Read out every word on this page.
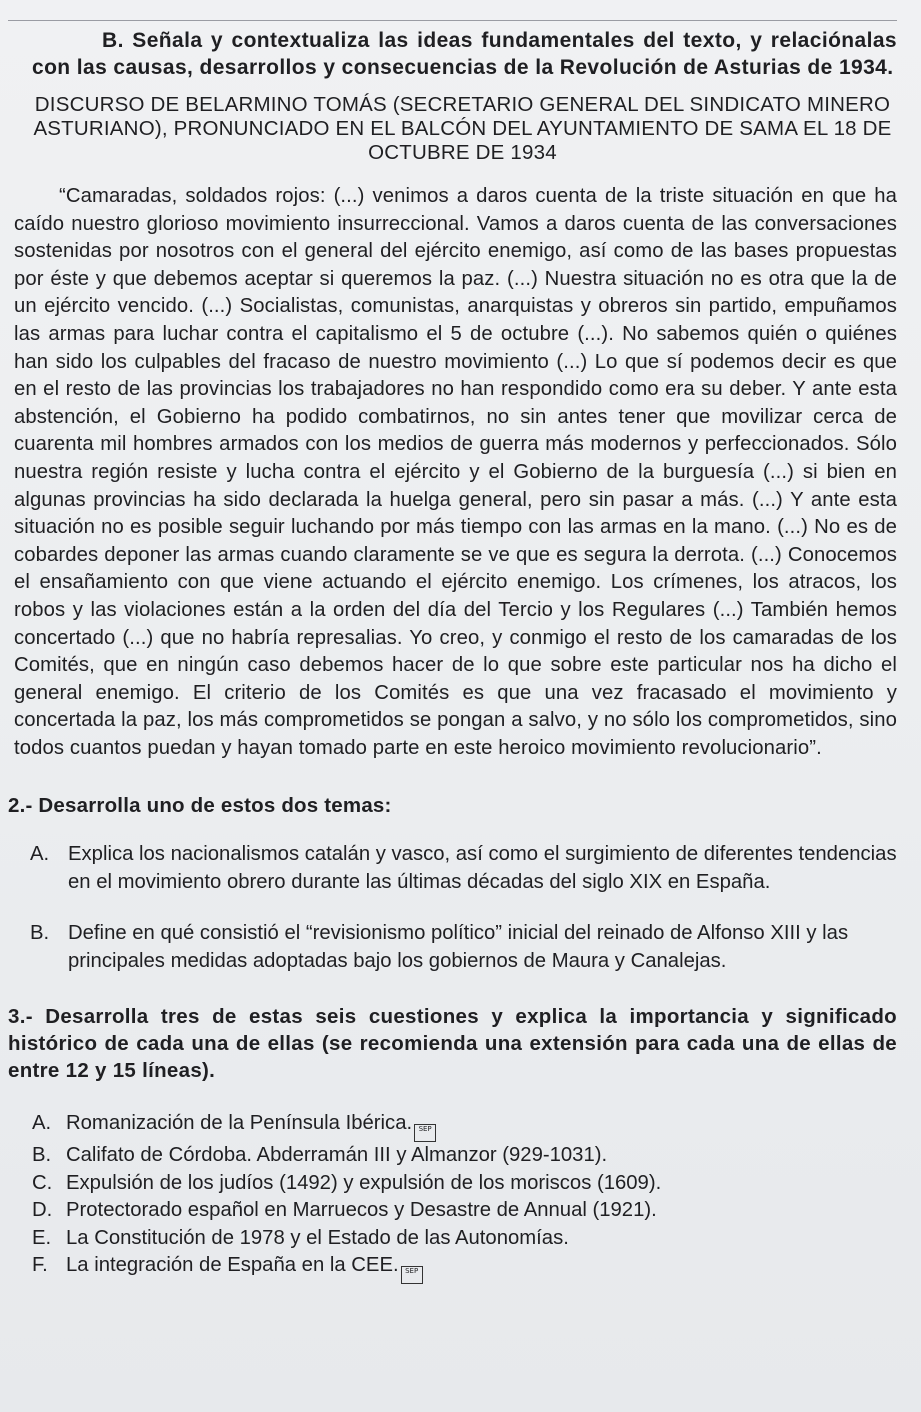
B. Señala y contextualiza las ideas fundamentales del texto, y relaciónalas con las causas, desarrollos y consecuencias de la Revolución de Asturias de 1934.

DISCURSO DE BELARMINO TOMÁS (SECRETARIO GENERAL DEL SINDICATO MINERO ASTURIANO), PRONUNCIADO EN EL BALCÓN DEL AYUNTAMIENTO DE SAMA EL 18 DE OCTUBRE DE 1934

“Camaradas, soldados rojos: (...) venimos a daros cuenta de la triste situación en que ha caído nuestro glorioso movimiento insurreccional. Vamos a daros cuenta de las conversaciones sostenidas por nosotros con el general del ejército enemigo, así como de las bases propuestas por éste y que debemos aceptar si queremos la paz. (...) Nuestra situación no es otra que la de un ejército vencido. (...) Socialistas, comunistas, anarquistas y obreros sin partido, empuñamos las armas para luchar contra el capitalismo el 5 de octubre (...). No sabemos quién o quiénes han sido los culpables del fracaso de nuestro movimiento (...) Lo que sí podemos decir es que en el resto de las provincias los trabajadores no han respondido como era su deber. Y ante esta abstención, el Gobierno ha podido combatirnos, no sin antes tener que movilizar cerca de cuarenta mil hombres armados con los medios de guerra más modernos y perfeccionados. Sólo nuestra región resiste y lucha contra el ejército y el Gobierno de la burguesía (...) si bien en algunas provincias ha sido declarada la huelga general, pero sin pasar a más. (...) Y ante esta situación no es posible seguir luchando por más tiempo con las armas en la mano. (...) No es de cobardes deponer las armas cuando claramente se ve que es segura la derrota. (...) Conocemos el ensañamiento con que viene actuando el ejército enemigo. Los crímenes, los atracos, los robos y las violaciones están a la orden del día del Tercio y los Regulares (...) También hemos concertado (...) que no habría represalias. Yo creo, y conmigo el resto de los camaradas de los Comités, que en ningún caso debemos hacer de lo que sobre este particular nos ha dicho el general enemigo. El criterio de los Comités es que una vez fracasado el movimiento y concertada la paz, los más comprometidos se pongan a salvo, y no sólo los comprometidos, sino todos cuantos puedan y hayan tomado parte en este heroico movimiento revolucionario”.

2.- Desarrolla uno de estos dos temas:

A. Explica los nacionalismos catalán y vasco, así como el surgimiento de diferentes tendencias en el movimiento obrero durante las últimas décadas del siglo XIX en España.
B. Define en qué consistió el “revisionismo político” inicial del reinado de Alfonso XIII y las principales medidas adoptadas bajo los gobiernos de Maura y Canalejas.

3.- Desarrolla tres de estas seis cuestiones y explica la importancia y significado histórico de cada una de ellas (se recomienda una extensión para cada una de ellas de entre 12 y 15 líneas).

A. Romanización de la Península Ibérica. SEP
B. Califato de Córdoba. Abderramán III y Almanzor (929-1031).
C. Expulsión de los judíos (1492) y expulsión de los moriscos (1609).
D. Protectorado español en Marruecos y Desastre de Annual (1921).
E. La Constitución de 1978 y el Estado de las Autonomías.
F. La integración de España en la CEE. SEP
